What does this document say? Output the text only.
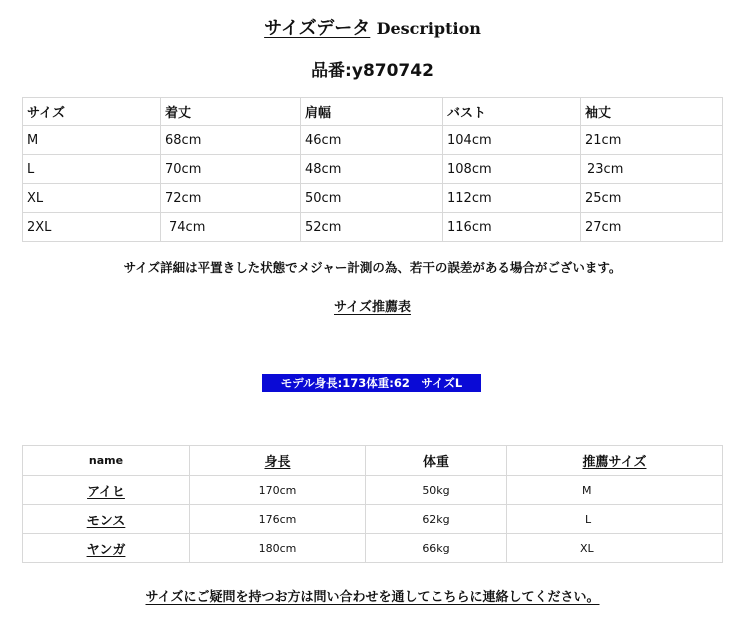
サイズデータ Description
品番:y870742
サイズ	着丈	肩幅	バスト	袖丈
M	68cm	46cm	104cm	21cm
L	70cm	48cm	108cm	23cm
XL	72cm	50cm	112cm	25cm
2XL	74cm	52cm	116cm	27cm
サイズ詳細は平置きした状態でメジャー計測の為、若干の誤差がある場合がございます。
サイズ推薦表
モデル身長:173体重:62　サイズL
name	身長	体重	推薦サイズ
アイヒ	170cm	50kg	M
モンス	176cm	62kg	L
ヤンガ	180cm	66kg	XL
サイズにご疑問を持つお方は問い合わせを通してこちらに連絡してください。
